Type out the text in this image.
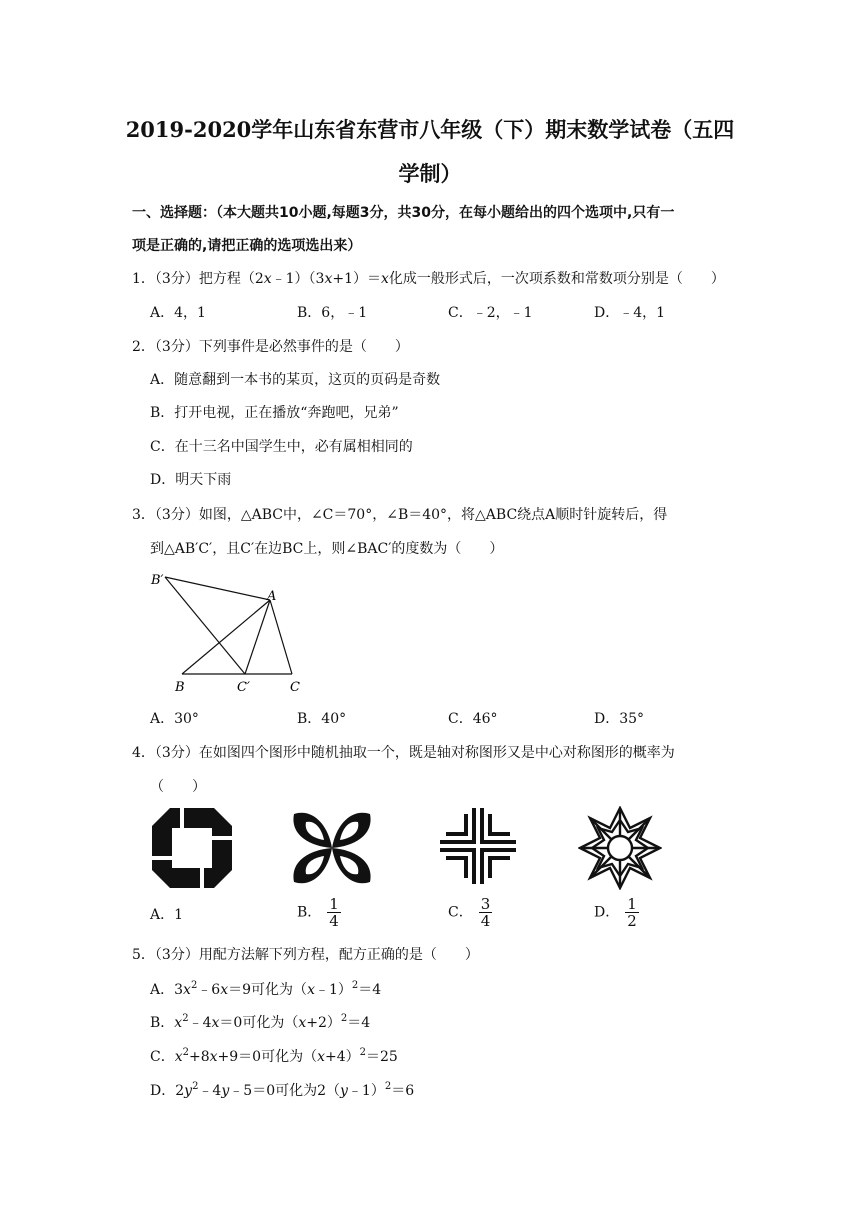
2019-2020学年山东省东营市八年级（下）期末数学试卷（五四
学制）
一、选择题：（本大题共10小题,每题3分，共30分，在每小题给出的四个选项中,只有一
项是正确的,请把正确的选项选出来）
1．（3分）把方程（2x﹣1）（3x+1）＝x化成一般形式后，一次项系数和常数项分别是（　　）
A．4，1	B．6，﹣1	C．﹣2，﹣1	D．﹣4，1
2．（3分）下列事件是必然事件的是（　　）
A．随意翻到一本书的某页，这页的页码是奇数
B．打开电视，正在播放“奔跑吧，兄弟”
C．在十三名中国学生中，必有属相相同的
D．明天下雨
3．（3分）如图，△ABC中，∠C＝70°，∠B＝40°，将△ABC绕点A顺时针旋转后，得
到△AB′C′，且C′在边BC上，则∠BAC′的度数为（　　）
B′
A
B	C′	C
A．30°	B．40°	C．46°	D．35°
4．（3分）在如图四个图形中随机抽取一个，既是轴对称图形又是中心对称图形的概率为
（　　）
A．1	B． $\frac{1}{4}$	C． $\frac{3}{4}$	D． $\frac{1}{2}$
5．（3分）用配方法解下列方程，配方正确的是（　　）
A．$3x^2﹣6x=9$可化为（x﹣1）$^2$＝4
B．$x^2﹣4x=0$可化为$(x+2)^2=4$
C．$x^2+8x+9=0$可化为$(x+4)^2=25$
D．$2y^2﹣4y﹣5=0$可化为2（y﹣1）$^2$＝6
